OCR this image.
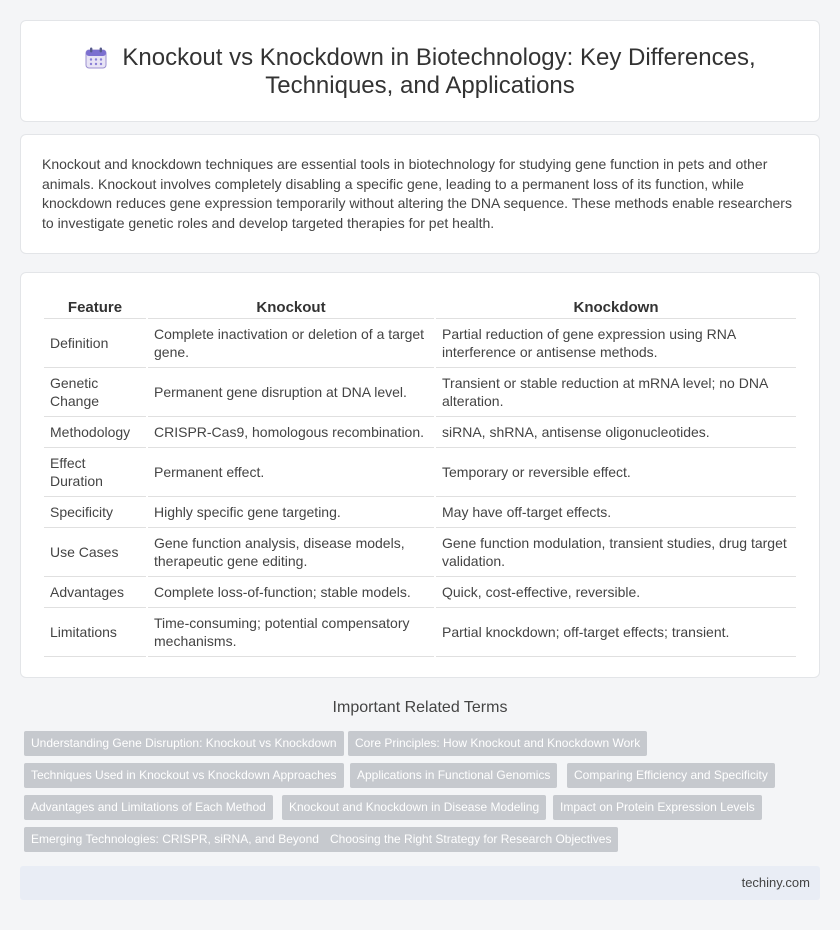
Knockout vs Knockdown in Biotechnology: Key Differences,
Techniques, and Applications

Knockout and knockdown techniques are essential tools in biotechnology for studying gene function in pets and other animals. Knockout involves completely disabling a specific gene, leading to a permanent loss of its function, while knockdown reduces gene expression temporarily without altering the DNA sequence. These methods enable researchers to investigate genetic roles and develop targeted therapies for pet health.

Feature	Knockout	Knockdown
Definition	Complete inactivation or deletion of a target gene.	Partial reduction of gene expression using RNA interference or antisense methods.
Genetic Change	Permanent gene disruption at DNA level.	Transient or stable reduction at mRNA level; no DNA alteration.
Methodology	CRISPR-Cas9, homologous recombination.	siRNA, shRNA, antisense oligonucleotides.
Effect Duration	Permanent effect.	Temporary or reversible effect.
Specificity	Highly specific gene targeting.	May have off-target effects.
Use Cases	Gene function analysis, disease models, therapeutic gene editing.	Gene function modulation, transient studies, drug target validation.
Advantages	Complete loss-of-function; stable models.	Quick, cost-effective, reversible.
Limitations	Time-consuming; potential compensatory mechanisms.	Partial knockdown; off-target effects; transient.
Important Related Terms
Understanding Gene Disruption: Knockout vs Knockdown	Core Principles: How Knockout and Knockdown Work
Techniques Used in Knockout vs Knockdown Approaches	Applications in Functional Genomics	Comparing Efficiency and Specificity
Advantages and Limitations of Each Method	Knockout and Knockdown in Disease Modeling	Impact on Protein Expression Levels
Emerging Technologies: CRISPR, siRNA, and Beyond Choosing the Right Strategy for Research Objectives
techiny.com
